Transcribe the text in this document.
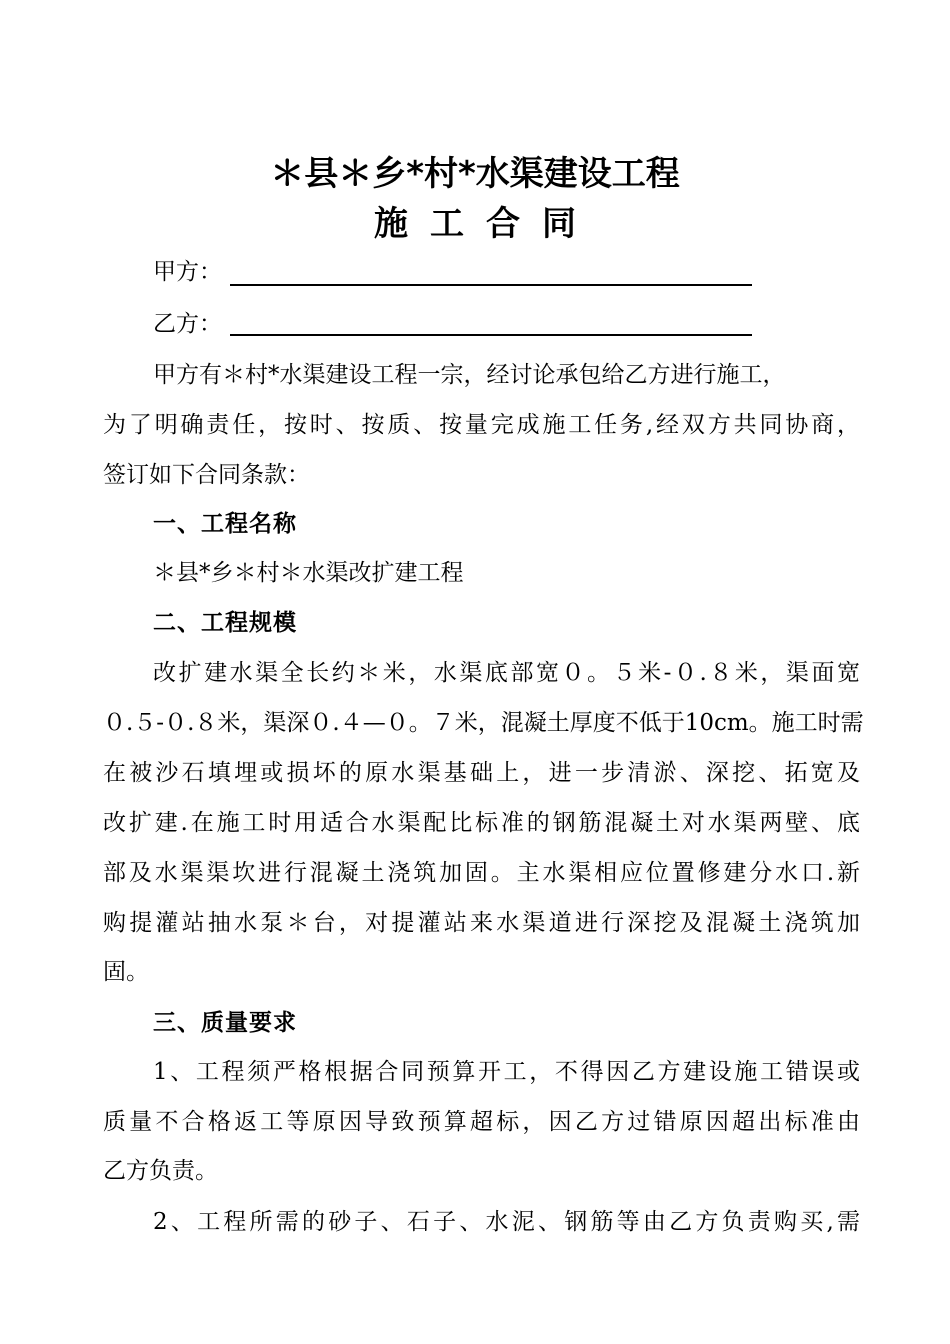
＊县＊乡*村*水渠建设工程
施工合同
甲方：
乙方：
甲方有＊村*水渠建设工程一宗，经讨论承包给乙方进行施工，
为了明确责任，按时、按质、按量完成施工任务,经双方共同协商，
签订如下合同条款：
一、工程名称
＊县*乡＊村＊水渠改扩建工程
二、工程规模
改扩建水渠全长约＊米，水渠底部宽０。５米-０.８米，渠面宽
０.５-０.８米，渠深０.４—０。７米，混凝土厚度不低于10cm。施工时需
在被沙石填埋或损坏的原水渠基础上，进一步清淤、深挖、拓宽及
改扩建.在施工时用适合水渠配比标准的钢筋混凝土对水渠两壁、底
部及水渠渠坎进行混凝土浇筑加固。主水渠相应位置修建分水口.新
购提灌站抽水泵＊台，对提灌站来水渠道进行深挖及混凝土浇筑加
固。
三、质量要求
1、工程须严格根据合同预算开工，不得因乙方建设施工错误或
质量不合格返工等原因导致预算超标，因乙方过错原因超出标准由
乙方负责。
2、工程所需的砂子、石子、水泥、钢筋等由乙方负责购买,需
